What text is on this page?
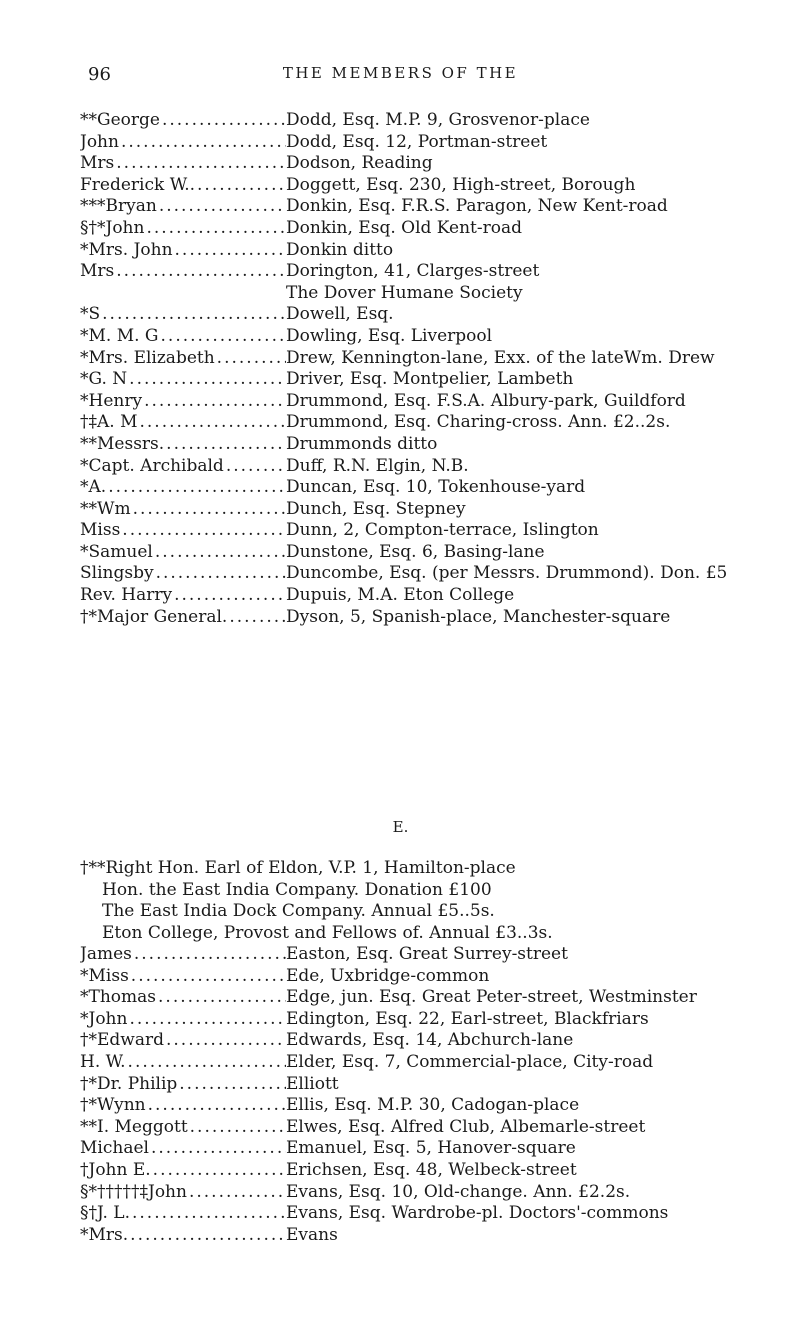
96	THE MEMBERS OF THE
**George .....	Dodd, Esq. M.P. 9, Grosvenor-place
John .....	Dodd, Esq. 12, Portman-street
Mrs .....	Dodson, Reading
Frederick W.. .....	Doggett, Esq. 230, High-street, Borough
***Bryan .....	Donkin, Esq. F.R.S. Paragon, New Kent-road
§†*John .....	Donkin, Esq. Old Kent-road
*Mrs. John .....	Donkin ditto
Mrs .....	Dorington, 41, Clarges-street
The Dover Humane Society
*S .....	Dowell, Esq.
*M. M. G .....	Dowling, Esq. Liverpool
*Mrs. Elizabeth .....	Drew, Kennington-lane, Exx. of the lateWm. Drew
*G. N .....	Driver, Esq. Montpelier, Lambeth
*Henry .....	Drummond, Esq. F.S.A. Albury-park, Guildford
†‡A. M .....	Drummond, Esq. Charing-cross. Ann. £2..2s.
**Messrs. .....	Drummonds ditto
*Capt. Archibald .....	Duff, R.N. Elgin, N.B.
*A. .....	Duncan, Esq. 10, Tokenhouse-yard
**Wm .....	Dunch, Esq. Stepney
Miss .....	Dunn, 2, Compton-terrace, Islington
*Samuel .....	Dunstone, Esq. 6, Basing-lane
Slingsby .....	Duncombe, Esq. (per Messrs. Drummond). Don. £5
Rev. Harry .....	Dupuis, M.A. Eton College
†*Major General. .....	Dyson, 5, Spanish-place, Manchester-square
E.
†**Right Hon. Earl of Eldon, V.P. 1, Hamilton-place
Hon. the East India Company. Donation £100
The East India Dock Company. Annual £5..5s.
Eton College, Provost and Fellows of. Annual £3..3s.
James .....	Easton, Esq. Great Surrey-street
*Miss .....	Ede, Uxbridge-common
*Thomas .....	Edge, jun. Esq. Great Peter-street, Westminster
*John .....	Edington, Esq. 22, Earl-street, Blackfriars
†*Edward .....	Edwards, Esq. 14, Abchurch-lane
H. W. .....	Elder, Esq. 7, Commercial-place, City-road
†*Dr. Philip .....	Elliott
†*Wynn .....	Ellis, Esq. M.P. 30, Cadogan-place
**I. Meggott .....	Elwes, Esq. Alfred Club, Albemarle-street
Michael .....	Emanuel, Esq. 5, Hanover-square
†John E. .....	Erichsen, Esq. 48, Welbeck-street
§*†††††‡John .....	Evans, Esq. 10, Old-change. Ann. £2.2s.
§†J. L. .....	Evans, Esq. Wardrobe-pl. Doctors'-commons
*Mrs. .....	Evans
